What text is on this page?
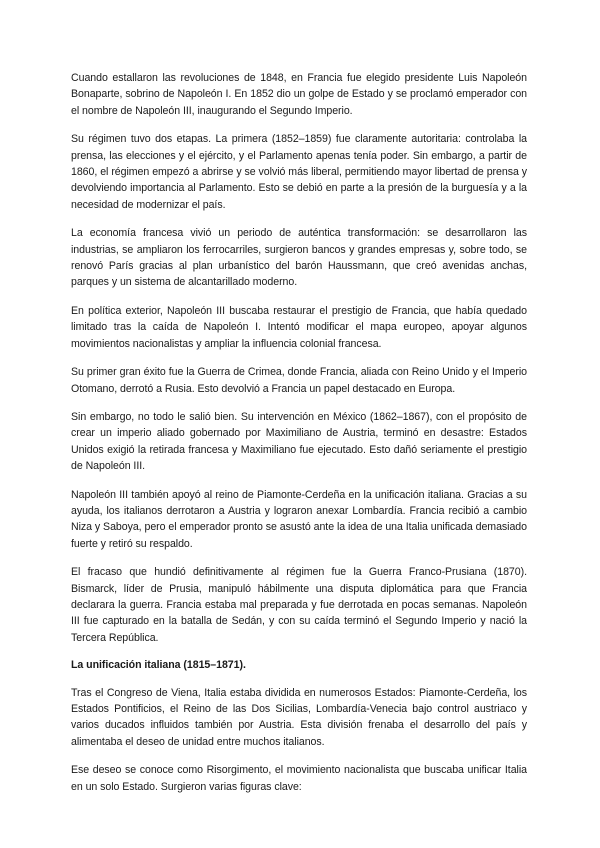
Cuando estallaron las revoluciones de 1848, en Francia fue elegido presidente Luis Napoleón Bonaparte, sobrino de Napoleón I. En 1852 dio un golpe de Estado y se proclamó emperador con el nombre de Napoleón III, inaugurando el Segundo Imperio.

Su régimen tuvo dos etapas. La primera (1852–1859) fue claramente autoritaria: controlaba la prensa, las elecciones y el ejército, y el Parlamento apenas tenía poder. Sin embargo, a partir de 1860, el régimen empezó a abrirse y se volvió más liberal, permitiendo mayor libertad de prensa y devolviendo importancia al Parlamento. Esto se debió en parte a la presión de la burguesía y a la necesidad de modernizar el país.

La economía francesa vivió un periodo de auténtica transformación: se desarrollaron las industrias, se ampliaron los ferrocarriles, surgieron bancos y grandes empresas y, sobre todo, se renovó París gracias al plan urbanístico del barón Haussmann, que creó avenidas anchas, parques y un sistema de alcantarillado moderno.

En política exterior, Napoleón III buscaba restaurar el prestigio de Francia, que había quedado limitado tras la caída de Napoleón I. Intentó modificar el mapa europeo, apoyar algunos movimientos nacionalistas y ampliar la influencia colonial francesa.

Su primer gran éxito fue la Guerra de Crimea, donde Francia, aliada con Reino Unido y el Imperio Otomano, derrotó a Rusia. Esto devolvió a Francia un papel destacado en Europa.

Sin embargo, no todo le salió bien. Su intervención en México (1862–1867), con el propósito de crear un imperio aliado gobernado por Maximiliano de Austria, terminó en desastre: Estados Unidos exigió la retirada francesa y Maximiliano fue ejecutado. Esto dañó seriamente el prestigio de Napoleón III.

Napoleón III también apoyó al reino de Piamonte-Cerdeña en la unificación italiana. Gracias a su ayuda, los italianos derrotaron a Austria y lograron anexar Lombardía. Francia recibió a cambio Niza y Saboya, pero el emperador pronto se asustó ante la idea de una Italia unificada demasiado fuerte y retiró su respaldo.

El fracaso que hundió definitivamente al régimen fue la Guerra Franco-Prusiana (1870). Bismarck, líder de Prusia, manipuló hábilmente una disputa diplomática para que Francia declarara la guerra. Francia estaba mal preparada y fue derrotada en pocas semanas. Napoleón III fue capturado en la batalla de Sedán, y con su caída terminó el Segundo Imperio y nació la Tercera República.

La unificación italiana (1815–1871).

Tras el Congreso de Viena, Italia estaba dividida en numerosos Estados: Piamonte-Cerdeña, los Estados Pontificios, el Reino de las Dos Sicilias, Lombardía-Venecia bajo control austriaco y varios ducados influidos también por Austria. Esta división frenaba el desarrollo del país y alimentaba el deseo de unidad entre muchos italianos.

Ese deseo se conoce como Risorgimento, el movimiento nacionalista que buscaba unificar Italia en un solo Estado. Surgieron varias figuras clave:
